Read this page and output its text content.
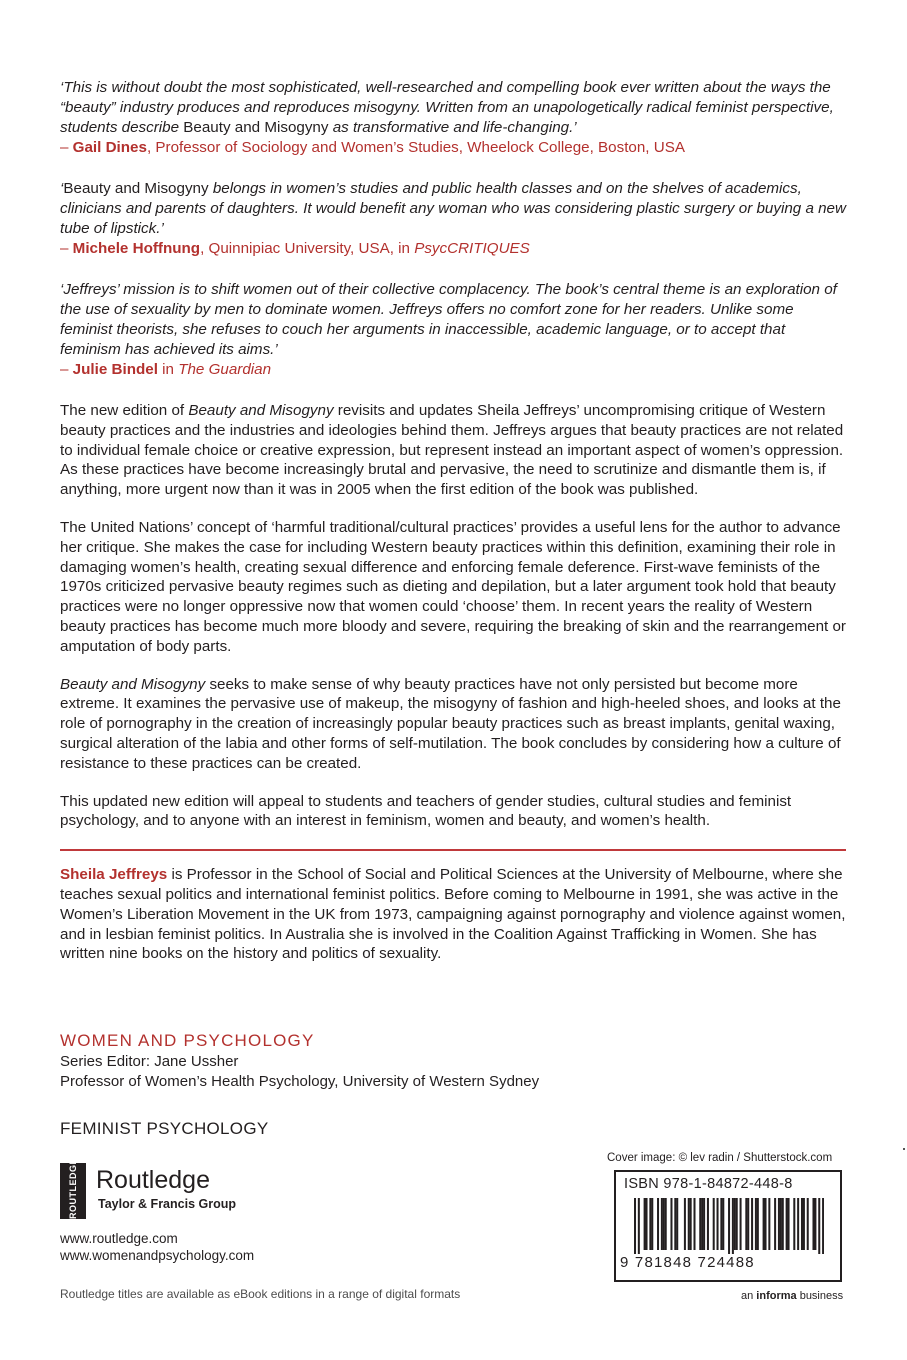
‘This is without doubt the most sophisticated, well-researched and compelling book ever written about the ways the “beauty” industry produces and reproduces misogyny. Written from an unapologetically radical feminist perspective, students describe Beauty and Misogyny as transformative and life-changing.’
– Gail Dines, Professor of Sociology and Women’s Studies, Wheelock College, Boston, USA
‘Beauty and Misogyny belongs in women’s studies and public health classes and on the shelves of academics, clinicians and parents of daughters. It would benefit any woman who was considering plastic surgery or buying a new tube of lipstick.’
– Michele Hoffnung, Quinnipiac University, USA, in PsycCRITIQUES
‘Jeffreys’ mission is to shift women out of their collective complacency. The book’s central theme is an exploration of the use of sexuality by men to dominate women. Jeffreys offers no comfort zone for her readers. Unlike some feminist theorists, she refuses to couch her arguments in inaccessible, academic language, or to accept that feminism has achieved its aims.’
– Julie Bindel in The Guardian

The new edition of Beauty and Misogyny revisits and updates Sheila Jeffreys’ uncompromising critique of Western beauty practices and the industries and ideologies behind them. Jeffreys argues that beauty practices are not related to individual female choice or creative expression, but represent instead an important aspect of women’s oppression. As these practices have become increasingly brutal and pervasive, the need to scrutinize and dismantle them is, if anything, more urgent now than it was in 2005 when the first edition of the book was published.

The United Nations’ concept of ‘harmful traditional/cultural practices’ provides a useful lens for the author to advance her critique. She makes the case for including Western beauty practices within this definition, examining their role in damaging women’s health, creating sexual difference and enforcing female deference. First-wave feminists of the 1970s criticized pervasive beauty regimes such as dieting and depilation, but a later argument took hold that beauty practices were no longer oppressive now that women could ‘choose’ them. In recent years the reality of Western beauty practices has become much more bloody and severe, requiring the breaking of skin and the rearrangement or amputation of body parts.

Beauty and Misogyny seeks to make sense of why beauty practices have not only persisted but become more extreme. It examines the pervasive use of makeup, the misogyny of fashion and high-heeled shoes, and looks at the role of pornography in the creation of increasingly popular beauty practices such as breast implants, genital waxing, surgical alteration of the labia and other forms of self-mutilation. The book concludes by considering how a culture of resistance to these practices can be created.

This updated new edition will appeal to students and teachers of gender studies, cultural studies and feminist psychology, and to anyone with an interest in feminism, women and beauty, and women’s health.

Sheila Jeffreys is Professor in the School of Social and Political Sciences at the University of Melbourne, where she teaches sexual politics and international feminist politics. Before coming to Melbourne in 1991, she was active in the Women’s Liberation Movement in the UK from 1973, campaigning against pornography and violence against women, and in lesbian feminist politics. In Australia she is involved in the Coalition Against Trafficking in Women. She has written nine books on the history and politics of sexuality.

WOMEN AND PSYCHOLOGY
Series Editor: Jane Ussher
Professor of Women’s Health Psychology, University of Western Sydney
FEMINIST PSYCHOLOGY
ROUTLEDGE Routledge
Taylor & Francis Group
www.routledge.com
www.womenandpsychology.com
Routledge titles are available as eBook editions in a range of digital formats
Cover image: © lev radin / Shutterstock.com
ISBN 978-1-84872-448-8
9 781848 724488
an informa business
